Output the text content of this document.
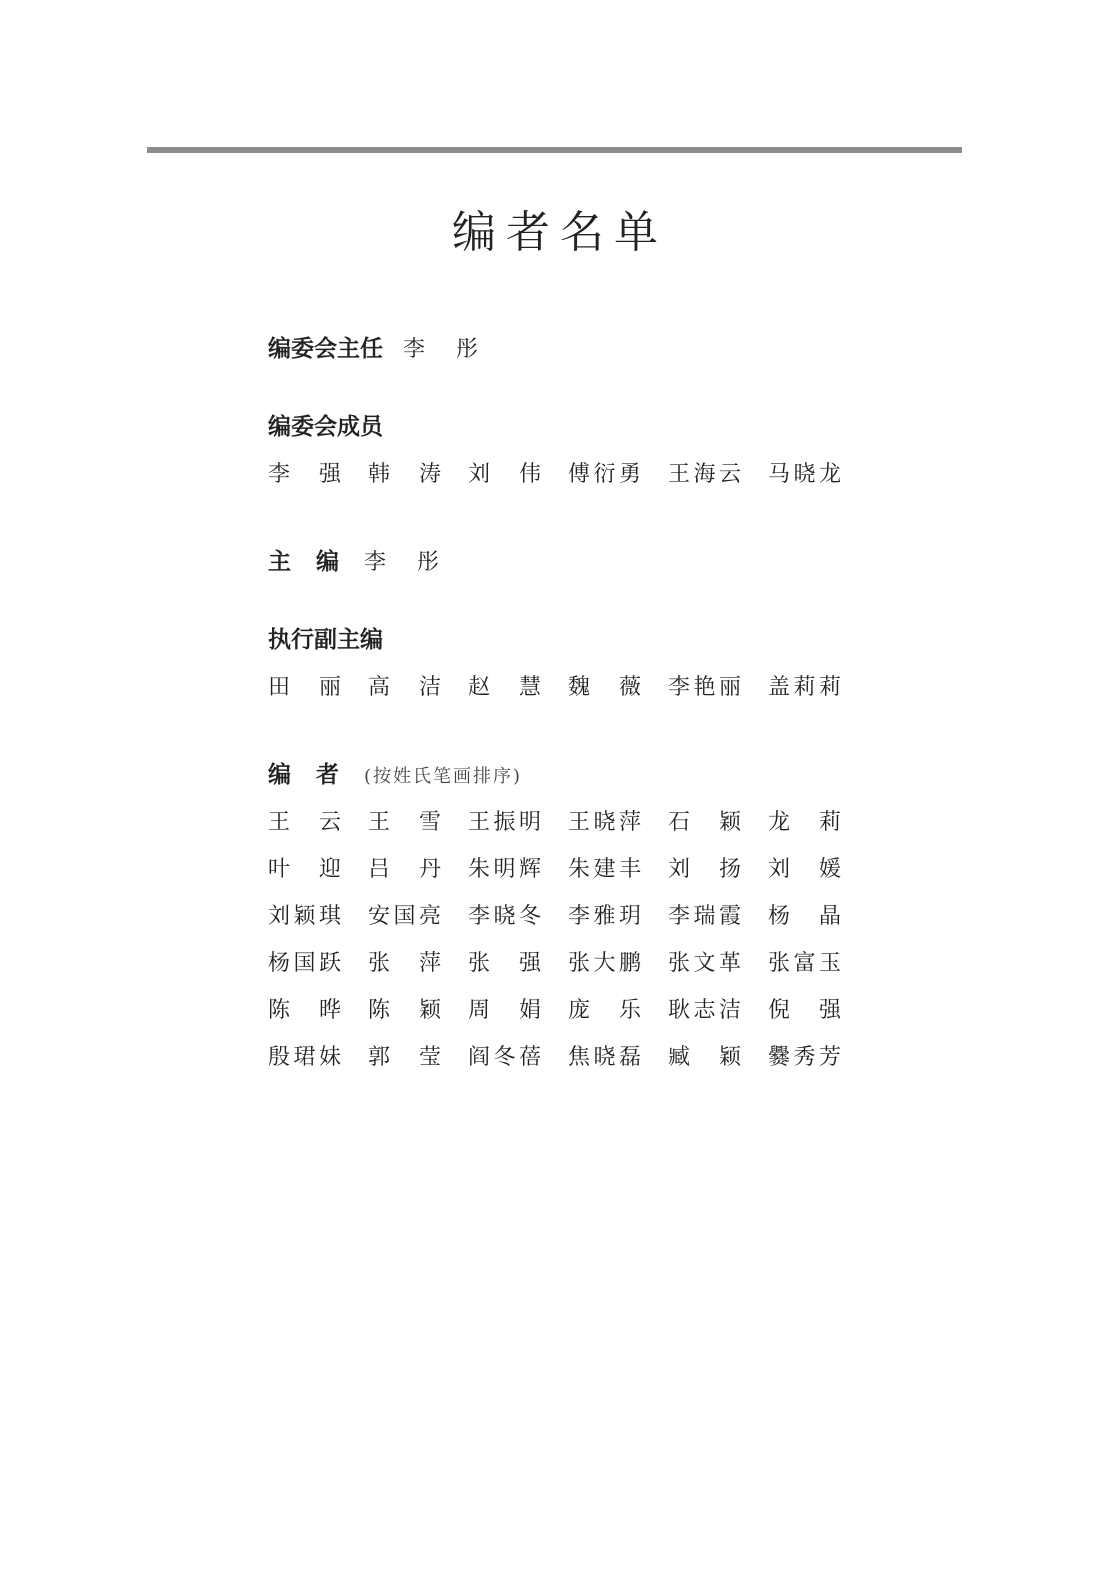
编者名单
编委会主任 李 彤
编委会成员
李 强 韩 涛 刘 伟 傅 衍 勇 王 海 云 马 晓 龙
主编 李 彤
执行副主编
田 丽 高 洁 赵 慧 魏 薇 李 艳 丽 盖 莉 莉
编者 (按姓氏笔画排序)
王 云 王 雪 王 振 明 王 晓 萍 石 颖 龙 莉
叶 迎 吕 丹 朱 明 辉 朱 建 丰 刘 扬 刘 媛
刘 颖 琪 安 国 亮 李 晓 冬 李 雅 玥 李 瑞 霞 杨 晶
杨 国 跃 张 萍 张 强 张 大 鹏 张 文 革 张 富 玉
陈 晔 陈 颖 周 娟 庞 乐 耿 志 洁 倪 强
殷 珺 妹 郭 莹 阎 冬 蓓 焦 晓 磊 臧 颖 爨 秀 芳
